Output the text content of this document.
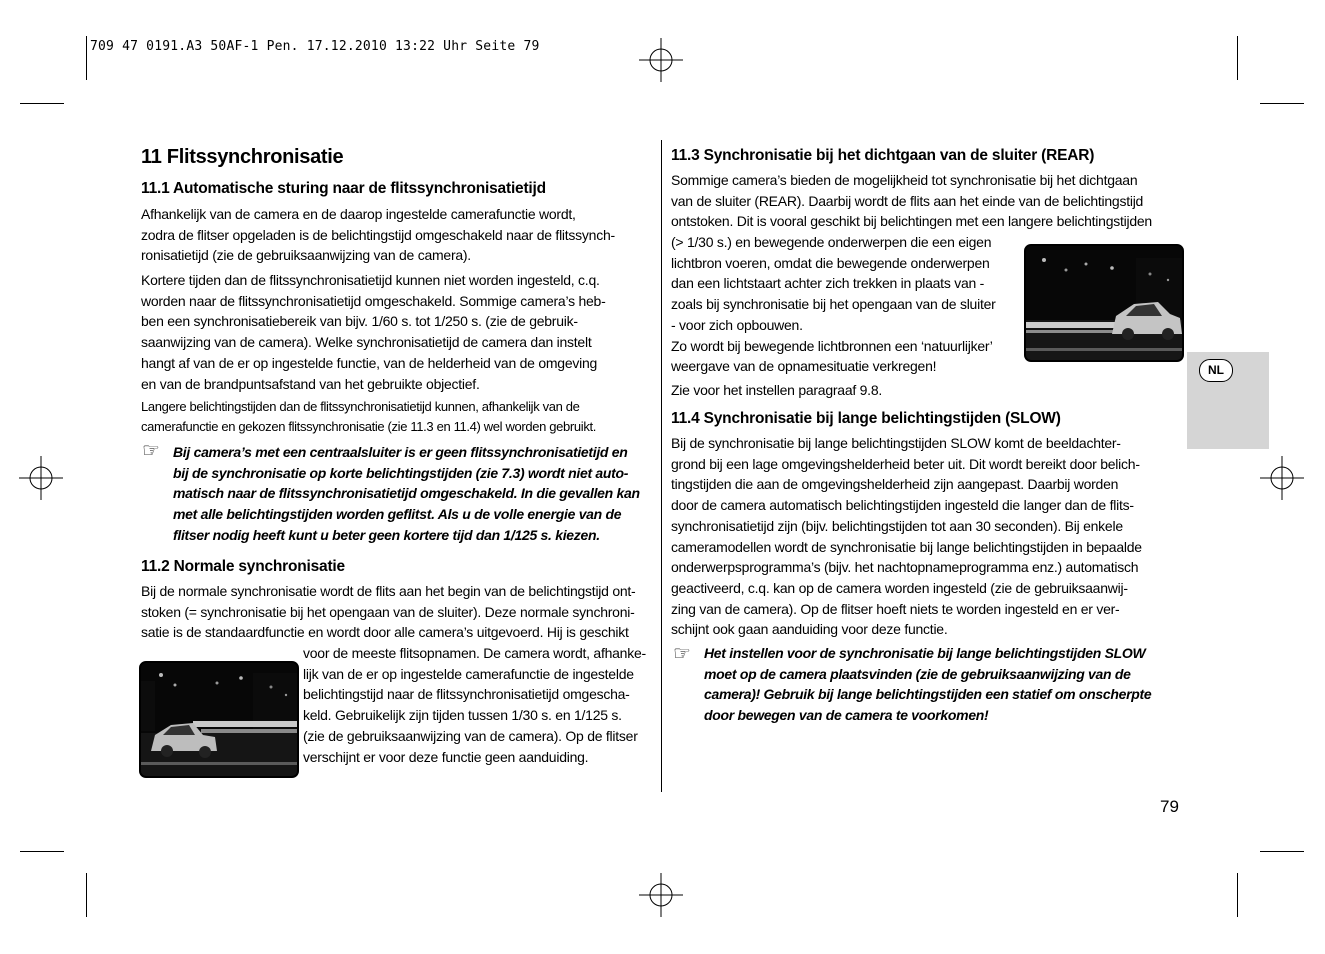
709 47 0191.A3 50AF-1 Pen. 17.12.2010 13:22 Uhr Seite 79
11 Flitssynchronisatie
11.1 Automatische sturing naar de flitssynchronisatietijd
Afhankelijk van de camera en de daarop ingestelde camerafunctie wordt,
zodra de flitser opgeladen is de belichtingstijd omgeschakeld naar de flitssynch-
ronisatietijd (zie de gebruiksaanwijzing van de camera).
Kortere tijden dan de flitssynchronisatietijd kunnen niet worden ingesteld, c.q.
worden naar de flitssynchronisatietijd omgeschakeld. Sommige camera’s heb-
ben een synchronisatiebereik van bijv. 1/60 s. tot 1/250 s. (zie de gebruik-
saanwijzing van de camera). Welke synchronisatietijd de camera dan instelt
hangt af van de er op ingestelde functie, van de helderheid van de omgeving
en van de brandpuntsafstand van het gebruikte objectief.
Langere belichtingstijden dan de flitssynchronisatietijd kunnen, afhankelijk van de
camerafunctie en gekozen flitssynchronisatie (zie 11.3 en 11.4) wel worden gebruikt.
☞ Bij camera’s met een centraalsluiter is er geen flitssynchronisatietijd en
bij de synchronisatie op korte belichtingstijden (zie 7.3) wordt niet auto-
matisch naar de flitssynchronisatietijd omgeschakeld. In die gevallen kan
met alle belichtingstijden worden geflitst. Als u de volle energie van de
flitser nodig heeft kunt u beter geen kortere tijd dan 1/125 s. kiezen.
11.2 Normale synchronisatie
Bij de normale synchronisatie wordt de flits aan het begin van de belichtingstijd ont-
stoken (= synchronisatie bij het opengaan van de sluiter). Deze normale synchroni-
satie is de standaardfunctie en wordt door alle camera’s uitgevoerd. Hij is geschikt
voor de meeste flitsopnamen. De camera wordt, afhanke-
lijk van de er op ingestelde camerafunctie de ingestelde
belichtingstijd naar de flitssynchronisatietijd omgescha-
keld. Gebruikelijk zijn tijden tussen 1/30 s. en 1/125 s.
(zie de gebruiksaanwijzing van de camera). Op de flitser
verschijnt er voor deze functie geen aanduiding.
11.3 Synchronisatie bij het dichtgaan van de sluiter (REAR)
Sommige camera’s bieden de mogelijkheid tot synchronisatie bij het dichtgaan
van de sluiter (REAR). Daarbij wordt de flits aan het einde van de belichtingstijd
ontstoken. Dit is vooral geschikt bij belichtingen met een langere belichtingstijden
(> 1/30 s.) en bewegende onderwerpen die een eigen
lichtbron voeren, omdat die bewegende onderwerpen
dan een lichtstaart achter zich trekken in plaats van -
zoals bij synchronisatie bij het opengaan van de sluiter
- voor zich opbouwen.
Zo wordt bij bewegende lichtbronnen een ‘natuurlijker’
weergave van de opnamesituatie verkregen!
Zie voor het instellen paragraaf 9.8.
11.4 Synchronisatie bij lange belichtingstijden (SLOW)
Bij de synchronisatie bij lange belichtingstijden SLOW komt de beeldachter-
grond bij een lage omgevingshelderheid beter uit. Dit wordt bereikt door belich-
tingstijden die aan de omgevingshelderheid zijn aangepast. Daarbij worden
door de camera automatisch belichtingstijden ingesteld die langer dan de flits-
synchronisatietijd zijn (bijv. belichtingstijden tot aan 30 seconden). Bij enkele
cameramodellen wordt de synchronisatie bij lange belichtingstijden in bepaalde
onderwerpsprogramma’s (bijv. het nachtopnameprogramma enz.) automatisch
geactiveerd, c.q. kan op de camera worden ingesteld (zie de gebruiksaanwij-
zing van de camera). Op de flitser hoeft niets te worden ingesteld en er ver-
schijnt ook gaan aanduiding voor deze functie.
☞ Het instellen voor de synchronisatie bij lange belichtingstijden SLOW
moet op de camera plaatsvinden (zie de gebruiksaanwijzing van de
camera)! Gebruik bij lange belichtingstijden een statief om onscherpte
door bewegen van de camera te voorkomen!
NL
79
